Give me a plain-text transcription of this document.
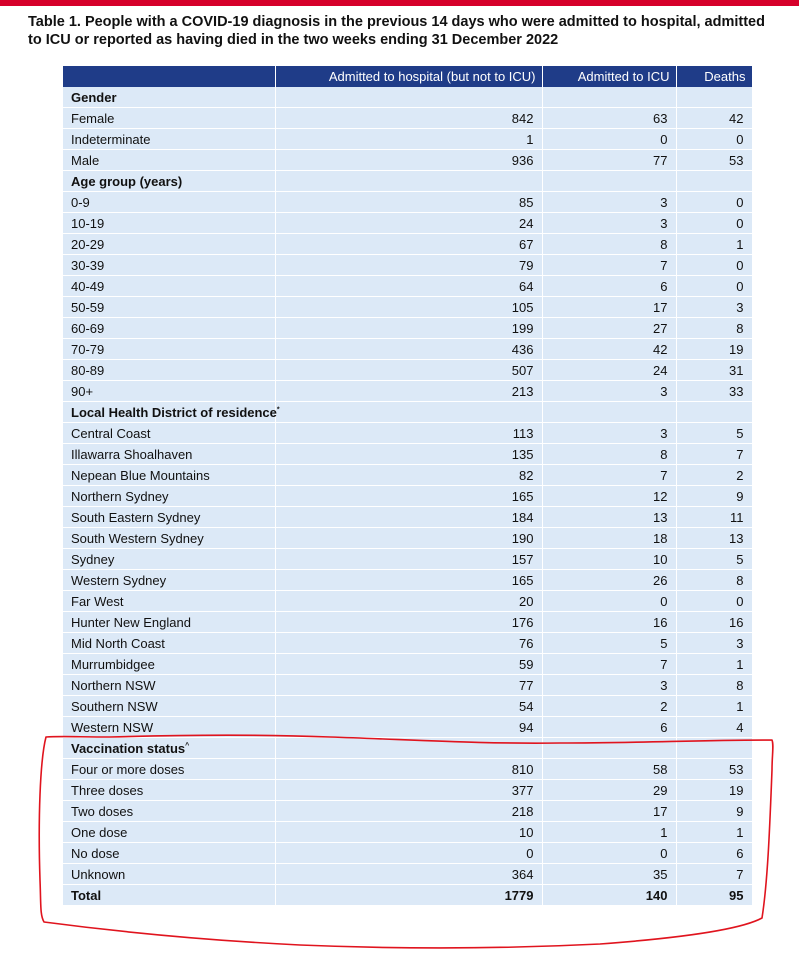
Table 1. People with a COVID-19 diagnosis in the previous 14 days who were admitted to hospital, admitted
to ICU or reported as having died in the two weeks ending 31 December 2022
	Admitted to hospital (but not to ICU)	Admitted to ICU	Deaths
Gender			
Female	842	63	42
Indeterminate	1	0	0
Male	936	77	53
Age group (years)			
0-9	85	3	0
10-19	24	3	0
20-29	67	8	1
30-39	79	7	0
40-49	64	6	0
50-59	105	17	3
60-69	199	27	8
70-79	436	42	19
80-89	507	24	31
90+	213	3	33
Local Health District of residence*			
Central Coast	113	3	5
Illawarra Shoalhaven	135	8	7
Nepean Blue Mountains	82	7	2
Northern Sydney	165	12	9
South Eastern Sydney	184	13	11
South Western Sydney	190	18	13
Sydney	157	10	5
Western Sydney	165	26	8
Far West	20	0	0
Hunter New England	176	16	16
Mid North Coast	76	5	3
Murrumbidgee	59	7	1
Northern NSW	77	3	8
Southern NSW	54	2	1
Western NSW	94	6	4
Vaccination status^			
Four or more doses	810	58	53
Three doses	377	29	19
Two doses	218	17	9
One dose	10	1	1
No dose	0	0	6
Unknown	364	35	7
Total	1779	140	95
